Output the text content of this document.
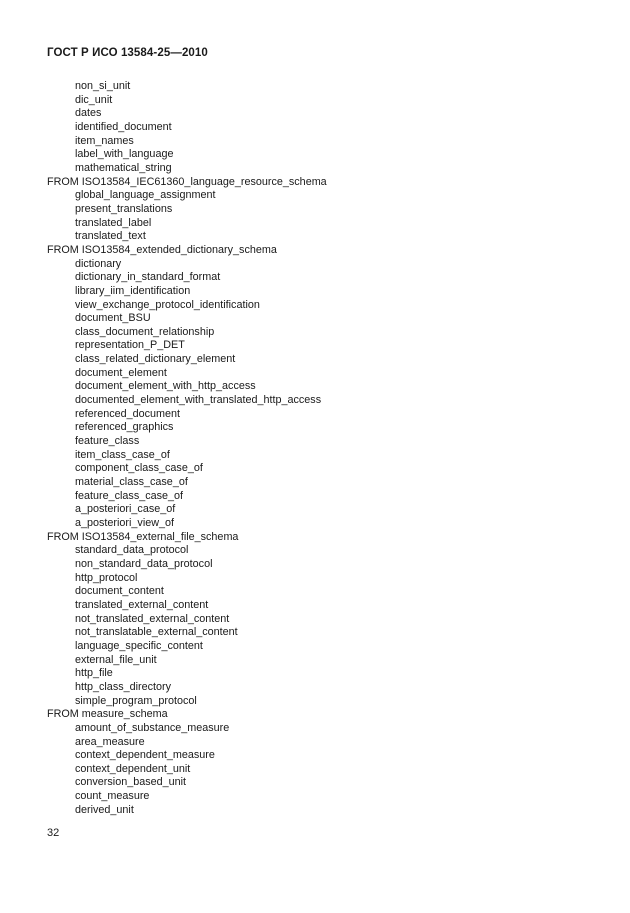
ГОСТ Р ИСО 13584-25—2010
non_si_unit
dic_unit
dates
identified_document
item_names
label_with_language
mathematical_string
FROM ISO13584_IEC61360_language_resource_schema
global_language_assignment
present_translations
translated_label
translated_text
FROM ISO13584_extended_dictionary_schema
dictionary
dictionary_in_standard_format
library_iim_identification
view_exchange_protocol_identification
document_BSU
class_document_relationship
representation_P_DET
class_related_dictionary_element
document_element
document_element_with_http_access
documented_element_with_translated_http_access
referenced_document
referenced_graphics
feature_class
item_class_case_of
component_class_case_of
material_class_case_of
feature_class_case_of
a_posteriori_case_of
a_posteriori_view_of
FROM ISO13584_external_file_schema
standard_data_protocol
non_standard_data_protocol
http_protocol
document_content
translated_external_content
not_translated_external_content
not_translatable_external_content
language_specific_content
external_file_unit
http_file
http_class_directory
simple_program_protocol
FROM measure_schema
amount_of_substance_measure
area_measure
context_dependent_measure
context_dependent_unit
conversion_based_unit
count_measure
derived_unit
32
